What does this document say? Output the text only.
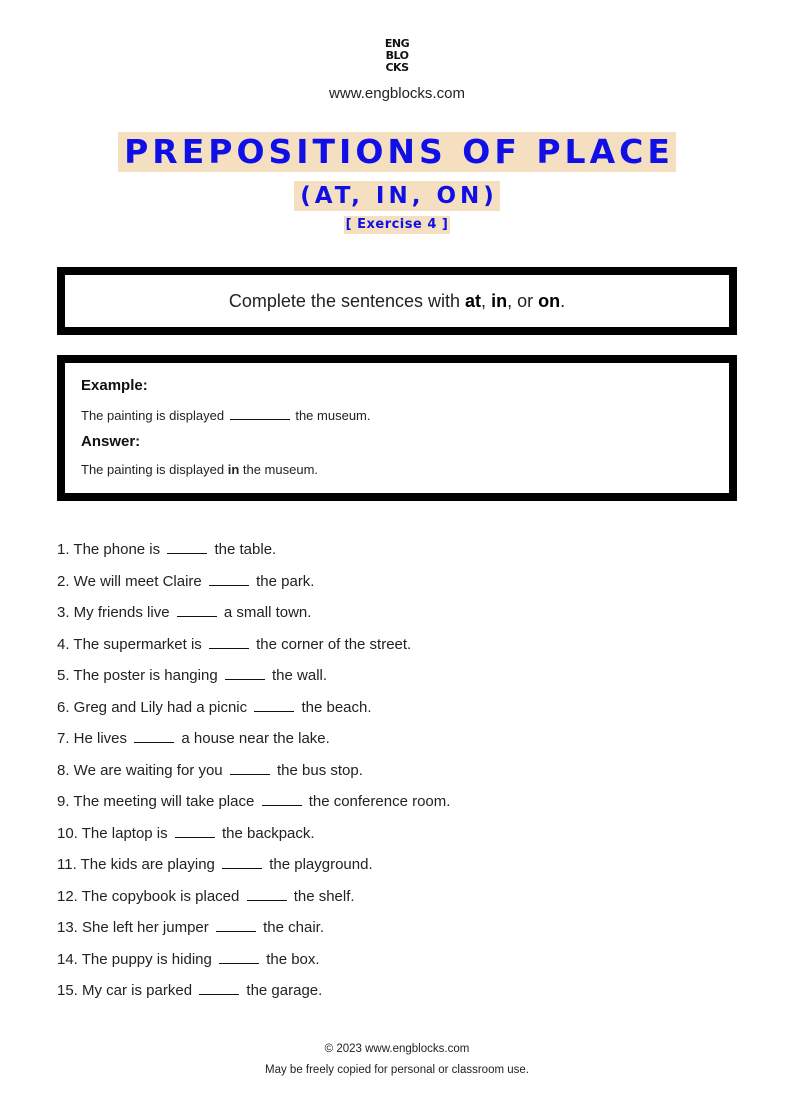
ENG
BLO
CKS
www.engblocks.com
PREPOSITIONS OF PLACE
(AT, IN, ON)
[ Exercise 4 ]
Complete the sentences with at, in, or on.
Example:
The painting is displayed	the museum.
Answer:
The painting is displayed in the museum.
1. The phone is	the table.
2. We will meet Claire	the park.
3. My friends live	a small town.
4. The supermarket is	the corner of the street.
5. The poster is hanging	the wall.
6. Greg and Lily had a picnic	the beach.
7. He lives	a house near the lake.
8. We are waiting for you	the bus stop.
9. The meeting will take place	the conference room.
10. The laptop is	the backpack.
11. The kids are playing	the playground.
12. The copybook is placed	the shelf.
13. She left her jumper	the chair.
14. The puppy is hiding	the box.
15. My car is parked	the garage.
© 2023 www.engblocks.com
May be freely copied for personal or classroom use.
